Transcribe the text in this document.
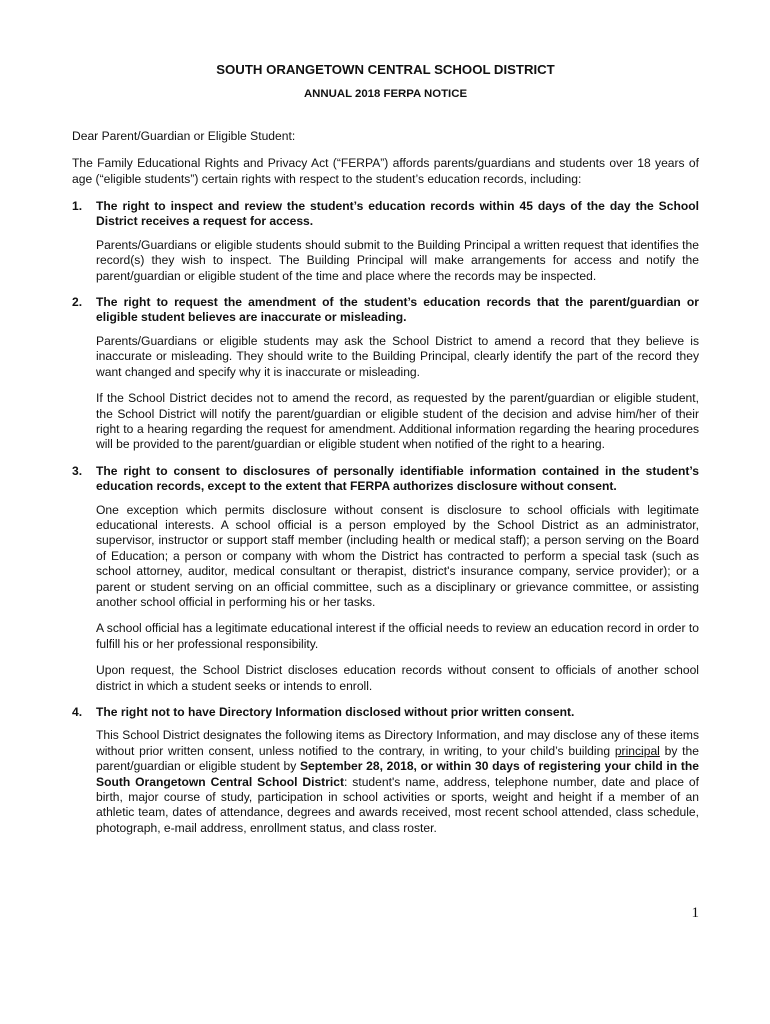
SOUTH ORANGETOWN CENTRAL SCHOOL DISTRICT
ANNUAL 2018 FERPA NOTICE
Dear Parent/Guardian or Eligible Student:
The Family Educational Rights and Privacy Act (“FERPA”) affords parents/guardians and students over 18 years of age (“eligible students”) certain rights with respect to the student’s education records, including:
1. The right to inspect and review the student’s education records within 45 days of the day the School District receives a request for access.
Parents/Guardians or eligible students should submit to the Building Principal a written request that identifies the record(s) they wish to inspect. The Building Principal will make arrangements for access and notify the parent/guardian or eligible student of the time and place where the records may be inspected.
2. The right to request the amendment of the student’s education records that the parent/guardian or eligible student believes are inaccurate or misleading.
Parents/Guardians or eligible students may ask the School District to amend a record that they believe is inaccurate or misleading. They should write to the Building Principal, clearly identify the part of the record they want changed and specify why it is inaccurate or misleading.
If the School District decides not to amend the record, as requested by the parent/guardian or eligible student, the School District will notify the parent/guardian or eligible student of the decision and advise him/her of their right to a hearing regarding the request for amendment. Additional information regarding the hearing procedures will be provided to the parent/guardian or eligible student when notified of the right to a hearing.
3. The right to consent to disclosures of personally identifiable information contained in the student’s education records, except to the extent that FERPA authorizes disclosure without consent.
One exception which permits disclosure without consent is disclosure to school officials with legitimate educational interests. A school official is a person employed by the School District as an administrator, supervisor, instructor or support staff member (including health or medical staff); a person serving on the Board of Education; a person or company with whom the District has contracted to perform a special task (such as school attorney, auditor, medical consultant or therapist, district's insurance company, service provider); or a parent or student serving on an official committee, such as a disciplinary or grievance committee, or assisting another school official in performing his or her tasks.
A school official has a legitimate educational interest if the official needs to review an education record in order to fulfill his or her professional responsibility.
Upon request, the School District discloses education records without consent to officials of another school district in which a student seeks or intends to enroll.
4. The right not to have Directory Information disclosed without prior written consent.
This School District designates the following items as Directory Information, and may disclose any of these items without prior written consent, unless notified to the contrary, in writing, to your child’s building principal by the parent/guardian or eligible student by September 28, 2018, or within 30 days of registering your child in the South Orangetown Central School District: student's name, address, telephone number, date and place of birth, major course of study, participation in school activities or sports, weight and height if a member of an athletic team, dates of attendance, degrees and awards received, most recent school attended, class schedule, photograph, e-mail address, enrollment status, and class roster.
1
